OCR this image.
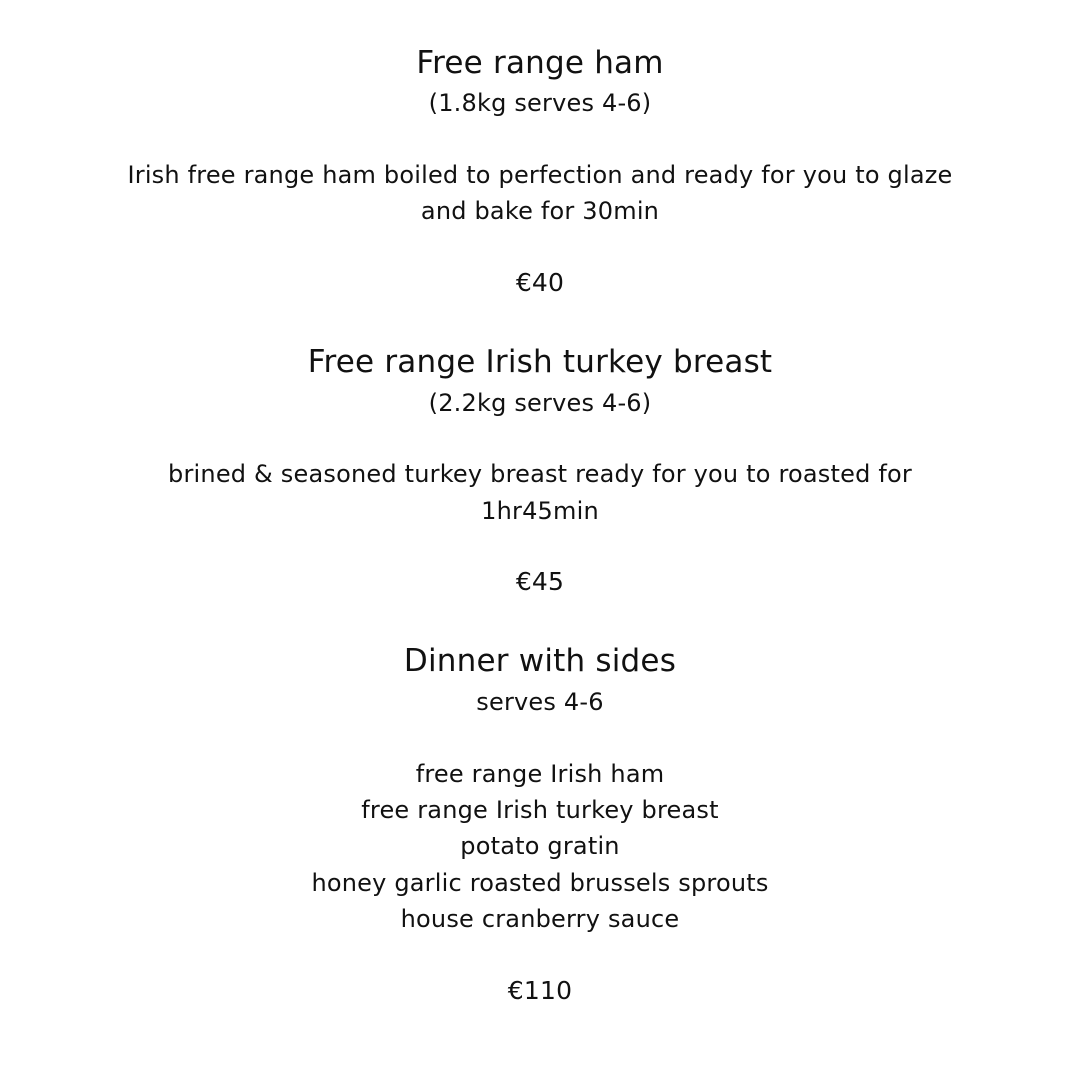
Free range ham
(1.8kg serves 4-6)
Irish free range ham boiled to perfection and ready for you to glaze
and bake for 30min
€40
Free range Irish turkey breast
(2.2kg serves 4-6)
brined & seasoned turkey breast ready for you to roasted for
1hr45min
€45
Dinner with sides
serves 4-6
free range Irish ham
free range Irish turkey breast
potato gratin
honey garlic roasted brussels sprouts
house cranberry sauce
€110
